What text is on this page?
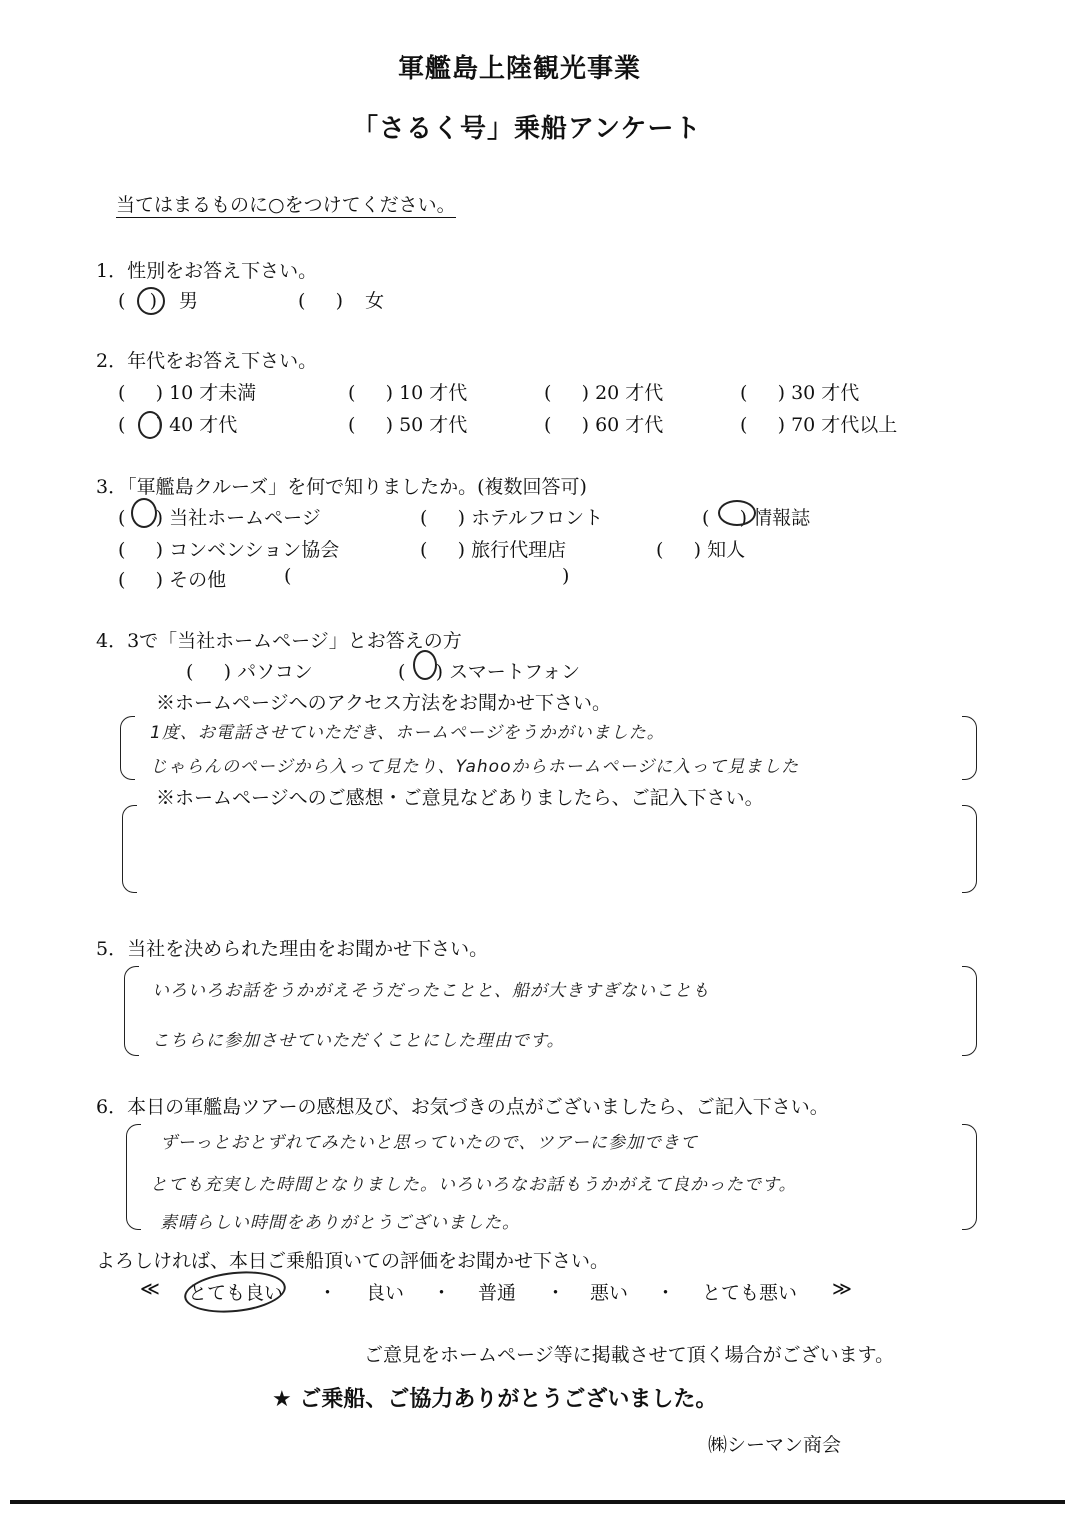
軍艦島上陸観光事業
「さるく号」乗船アンケート
当てはまるものに○をつけてください。
1．性別をお答え下さい。
(    ) 男	(     ) 女
2．年代をお答え下さい。
(     ) 10 才未満	(     ) 10 才代	(     ) 20 才代	(     ) 30 才代
(     ) 40 才代	(     ) 50 才代	(     ) 60 才代	(     ) 70 才代以上
3．「軍艦島クルーズ」を何で知りましたか。(複数回答可)
(     ) 当社ホームページ	(     ) ホテルフロント	(     ) 情報誌
(     ) コンベンション協会	(     ) 旅行代理店	(     ) 知人
(     ) その他	(	)
4．3で「当社ホームページ」とお答えの方
(     ) パソコン	(     ) スマートフォン
※ホームページへのアクセス方法をお聞かせ下さい。
1度、お電話させていただき、ホームページをうかがいました。
じゃらんのページから入って見たり、Yahooからホームページに入って見ました
※ホームページへのご感想・ご意見などありましたら、ご記入下さい。
5．当社を決められた理由をお聞かせ下さい。
いろいろお話をうかがえそうだったことと、船が大きすぎないことも
こちらに参加させていただくことにした理由です。
6．本日の軍艦島ツアーの感想及び、お気づきの点がございましたら、ご記入下さい。
ずーっとおとずれてみたいと思っていたので、ツアーに参加できて
とても充実した時間となりました。いろいろなお話もうかがえて良かったです。
素晴らしい時間をありがとうございました。
よろしければ、本日ご乗船頂いての評価をお聞かせ下さい。
≪ とても良い ・ 良い ・ 普通 ・ 悪い ・ とても悪い ≫
ご意見をホームページ等に掲載させて頂く場合がございます。
★ ご乗船、ご協力ありがとうございました。
㈱シーマン商会
